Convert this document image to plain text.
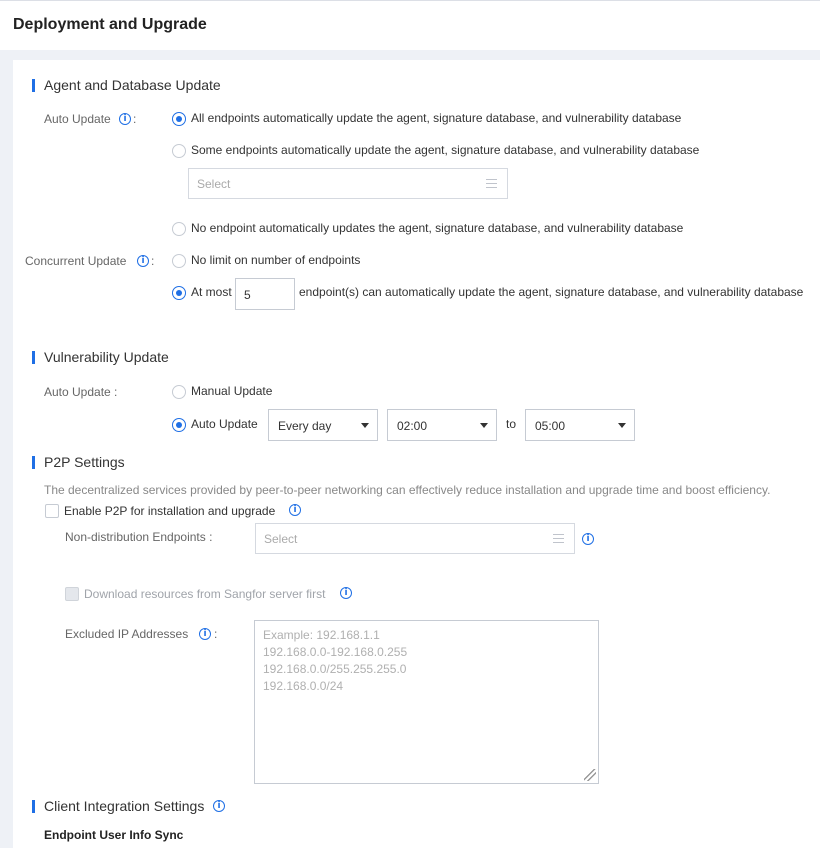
Deployment and Upgrade
Agent and Database Update
Auto Update	i :	All endpoints automatically update the agent, signature database, and vulnerability database
Some endpoints automatically update the agent, signature database, and vulnerability database
Select
No endpoint automatically updates the agent, signature database, and vulnerability database
Concurrent Update	i :	No limit on number of endpoints
At most 5	endpoint(s) can automatically update the agent, signature database, and vulnerability database
Vulnerability Update
Auto Update :	Manual Update
Auto Update Every day	02:00	to 05:00
P2P Settings
The decentralized services provided by peer-to-peer networking can effectively reduce installation and upgrade time and boost efficiency.
Enable P2P for installation and upgrade	i
Non-distribution Endpoints :	Select	i
Download resources from Sangfor server first	i
Excluded IP Addresses	i :	Example: 192.168.1.1
192.168.0.0-192.168.0.255
192.168.0.0/255.255.255.0
192.168.0.0/24
Client Integration Settings	i
Endpoint User Info Sync
